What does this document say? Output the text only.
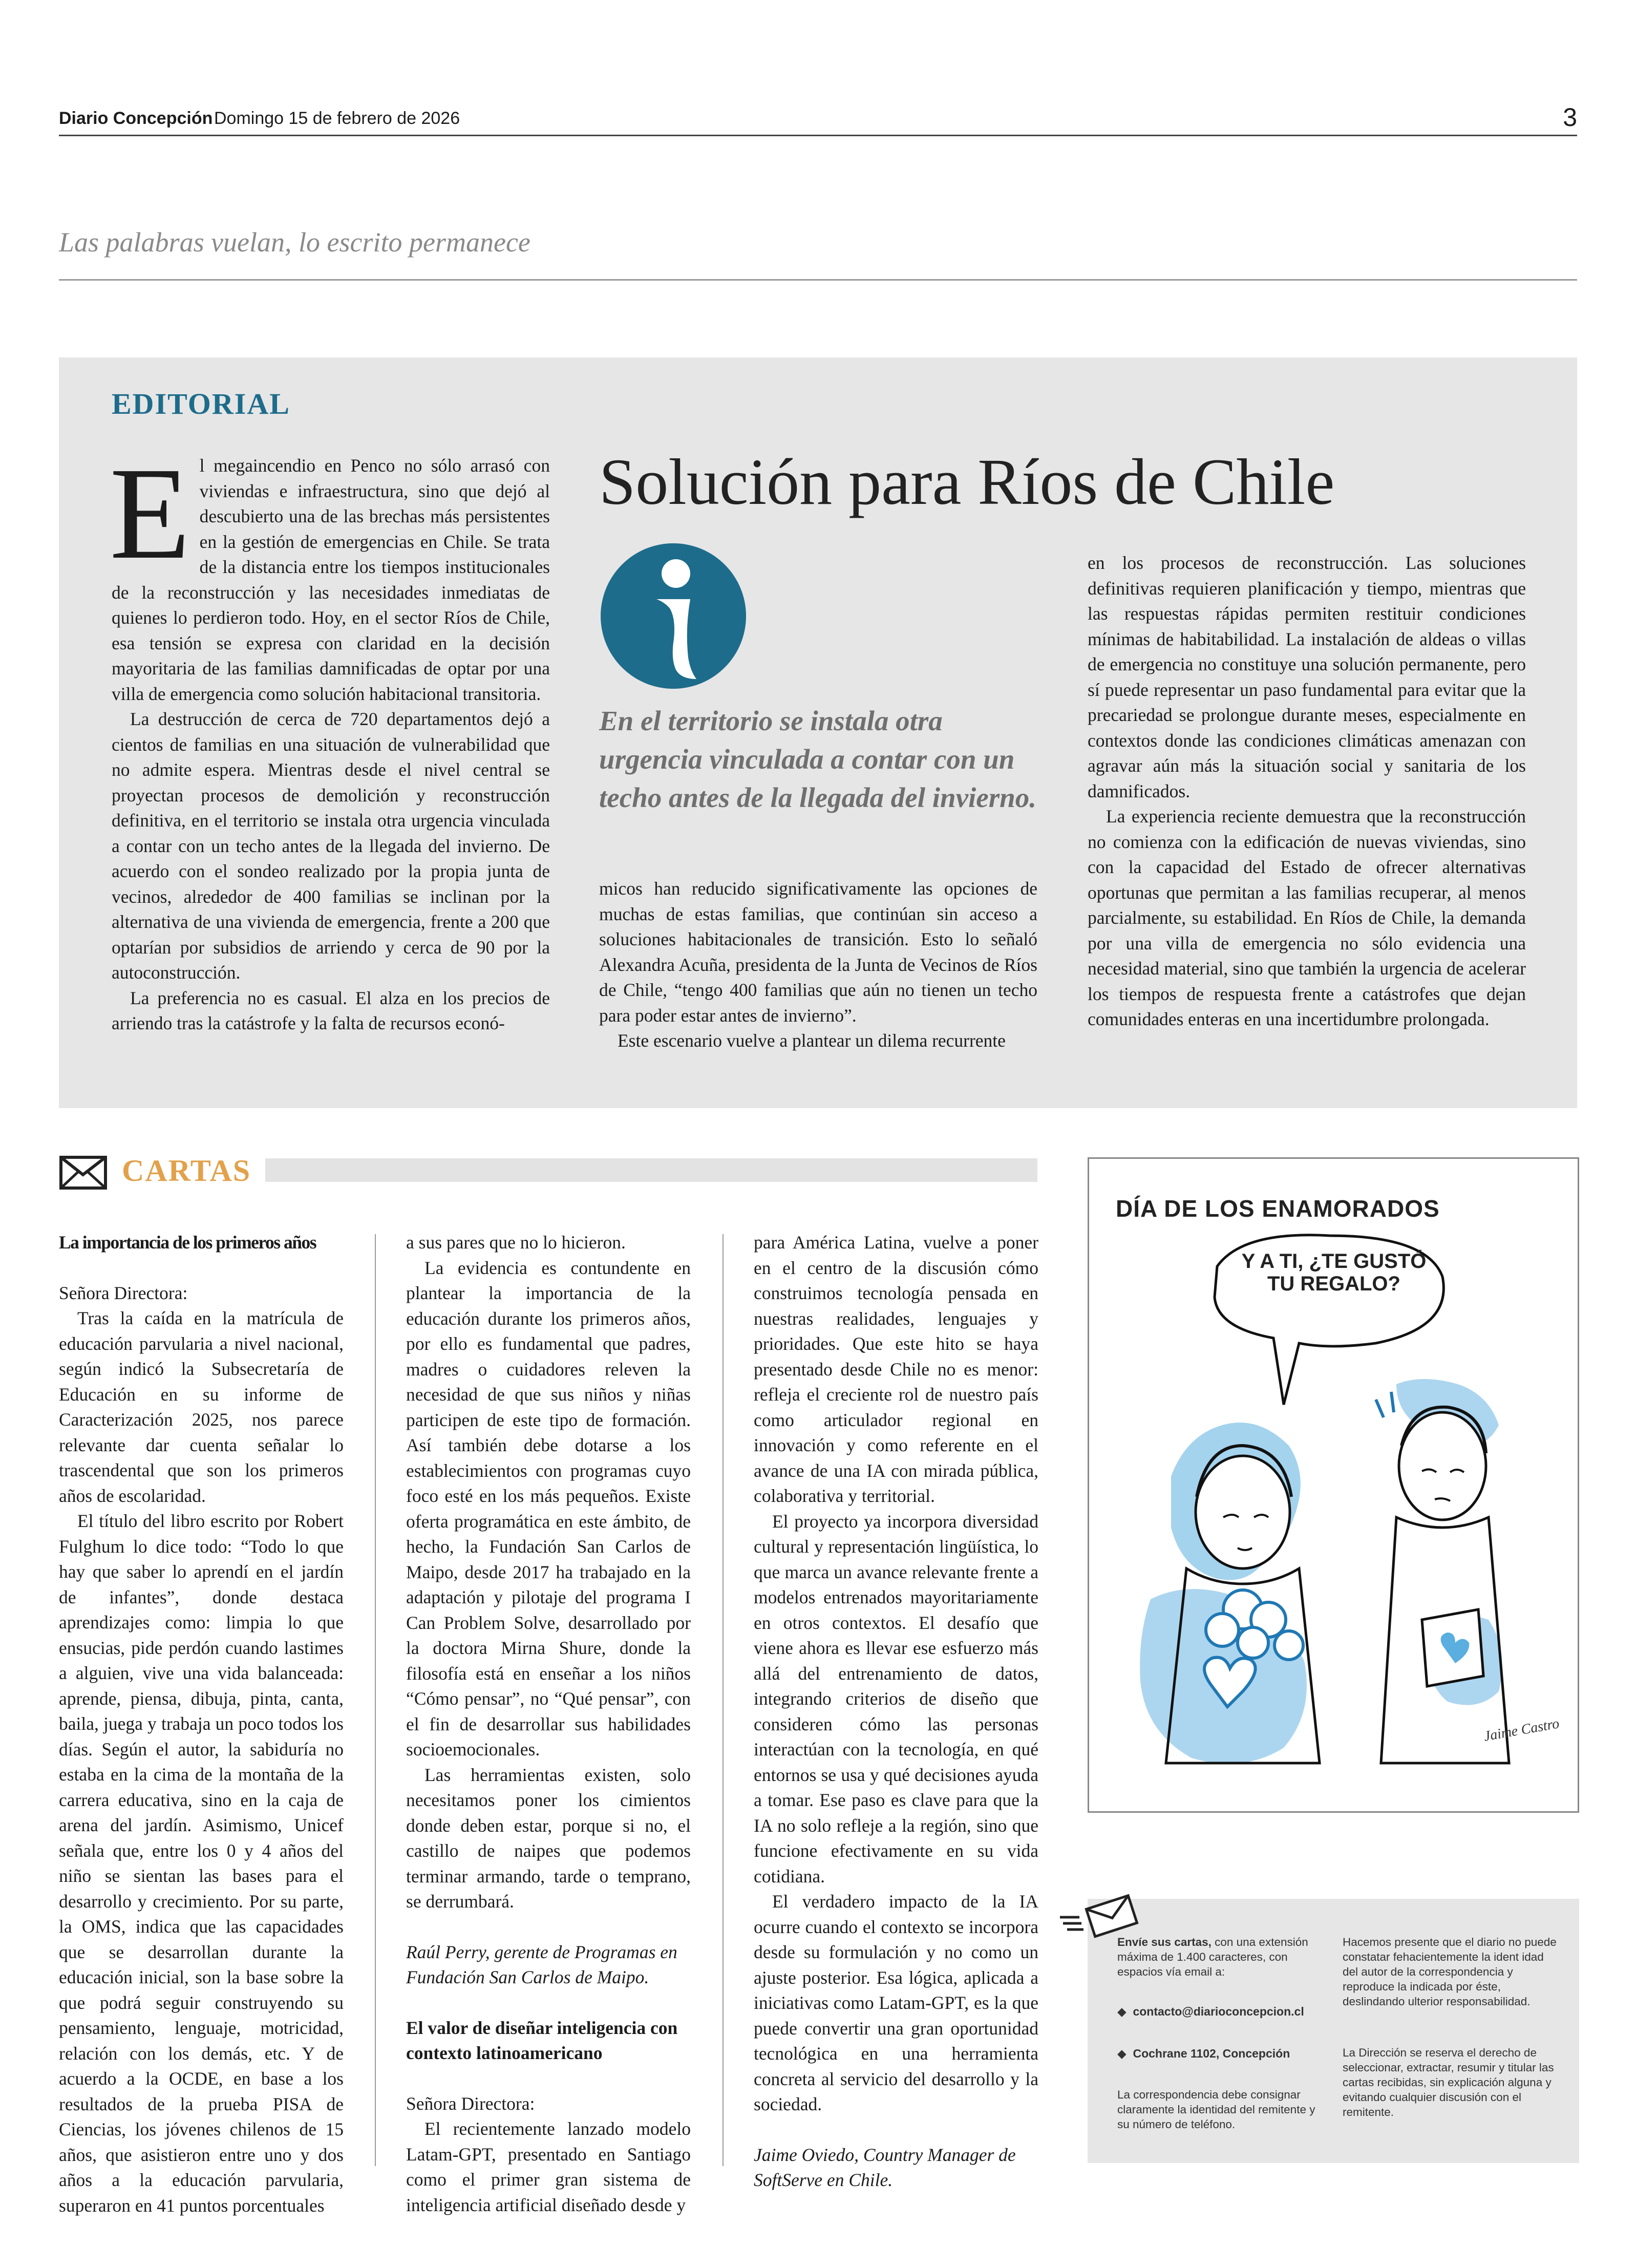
Diario Concepción Domingo 15 de febrero de 2026	3
Las palabras vuelan, lo escrito permanece
EDITORIAL
E l megaincendio en Penco no sólo arrasó con viviendas e infraestructura, sino que dejó al descubierto una de las brechas más persistentes en la gestión de emergencias en Chile. Se trata de la distancia entre los tiempos institucionales de la reconstrucción y las necesidades inmediatas de quienes lo perdieron todo. Hoy, en el sector Ríos de Chile, esa tensión se expresa con claridad en la decisión mayoritaria de las familias damnificadas de optar por una villa de emergencia como solución habitacional transitoria.

La destrucción de cerca de 720 departamentos dejó a cientos de familias en una situación de vulnerabilidad que no admite espera. Mientras desde el nivel central se proyectan procesos de demolición y reconstrucción definitiva, en el territorio se instala otra urgencia vinculada a contar con un techo antes de la llegada del invierno. De acuerdo con el sondeo realizado por la propia junta de vecinos, alrededor de 400 familias se inclinan por la alternativa de una vivienda de emergencia, frente a 200 que optarían por subsidios de arriendo y cerca de 90 por la autoconstrucción.

La preferencia no es casual. El alza en los precios de arriendo tras la catástrofe y la falta de recursos econó-

Solución para Ríos de Chile
En el territorio se instala otra urgencia vinculada a contar con un techo antes de la llegada del invierno.

micos han reducido significativamente las opciones de muchas de estas familias, que continúan sin acceso a soluciones habitacionales de transición. Esto lo señaló Alexandra Acuña, presidenta de la Junta de Vecinos de Ríos de Chile, “tengo 400 familias que aún no tienen un techo para poder estar antes de invierno”.

Este escenario vuelve a plantear un dilema recurrente

en los procesos de reconstrucción. Las soluciones definitivas requieren planificación y tiempo, mientras que las respuestas rápidas permiten restituir condiciones mínimas de habitabilidad. La instalación de aldeas o villas de emergencia no constituye una solución permanente, pero sí puede representar un paso fundamental para evitar que la precariedad se prolongue durante meses, especialmente en contextos donde las condiciones climáticas amenazan con agravar aún más la situación social y sanitaria de los damnificados.

La experiencia reciente demuestra que la reconstrucción no comienza con la edificación de nuevas viviendas, sino con la capacidad del Estado de ofrecer alternativas oportunas que permitan a las familias recuperar, al menos parcialmente, su estabilidad. En Ríos de Chile, la demanda por una villa de emergencia no sólo evidencia una necesidad material, sino que también la urgencia de acelerar los tiempos de respuesta frente a catástrofes que dejan comunidades enteras en una incertidumbre prolongada.

CARTAS

La importancia de los primeros años

Señora Directora:

Tras la caída en la matrícula de educación parvularia a nivel nacional, según indicó la Subsecretaría de Educación en su informe de Caracterización 2025, nos parece relevante dar cuenta señalar lo trascendental que son los primeros años de escolaridad.

El título del libro escrito por Robert Fulghum lo dice todo: “Todo lo que hay que saber lo aprendí en el jardín de infantes”, donde destaca aprendizajes como: limpia lo que ensucias, pide perdón cuando lastimes a alguien, vive una vida balanceada: aprende, piensa, dibuja, pinta, canta, baila, juega y trabaja un poco todos los días. Según el autor, la sabiduría no estaba en la cima de la montaña de la carrera educativa, sino en la caja de arena del jardín. Asimismo, Unicef señala que, entre los 0 y 4 años del niño se sientan las bases para el desarrollo y crecimiento. Por su parte, la OMS, indica que las capacidades que se desarrollan durante la educación inicial, son la base sobre la que podrá seguir construyendo su pensamiento, lenguaje, motricidad, relación con los demás, etc. Y de acuerdo a la OCDE, en base a los resultados de la prueba PISA de Ciencias, los jóvenes chilenos de 15 años, que asistieron entre uno y dos años a la educación parvularia, superaron en 41 puntos porcentuales

a sus pares que no lo hicieron.

La evidencia es contundente en plantear la importancia de la educación durante los primeros años, por ello es fundamental que padres, madres o cuidadores releven la necesidad de que sus niños y niñas participen de este tipo de formación. Así también debe dotarse a los establecimientos con programas cuyo foco esté en los más pequeños. Existe oferta programática en este ámbito, de hecho, la Fundación San Carlos de Maipo, desde 2017 ha trabajado en la adaptación y pilotaje del programa I Can Problem Solve, desarrollado por la doctora Mirna Shure, donde la filosofía está en enseñar a los niños “Cómo pensar”, no “Qué pensar”, con el fin de desarrollar sus habilidades socioemocionales.

Las herramientas existen, solo necesitamos poner los cimientos donde deben estar, porque si no, el castillo de naipes que podemos terminar armando, tarde o temprano, se derrumbará.

Raúl Perry, gerente de Programas en Fundación San Carlos de Maipo.

El valor de diseñar inteligencia con contexto latinoamericano

Señora Directora:

El recientemente lanzado modelo Latam-GPT, presentado en Santiago como el primer gran sistema de inteligencia artificial diseñado desde y

para América Latina, vuelve a poner en el centro de la discusión cómo construimos tecnología pensada en nuestras realidades, lenguajes y prioridades. Que este hito se haya presentado desde Chile no es menor: refleja el creciente rol de nuestro país como articulador regional en innovación y como referente en el avance de una IA con mirada pública, colaborativa y territorial.

El proyecto ya incorpora diversidad cultural y representación lingüística, lo que marca un avance relevante frente a modelos entrenados mayoritariamente en otros contextos. El desafío que viene ahora es llevar ese esfuerzo más allá del entrenamiento de datos, integrando criterios de diseño que consideren cómo las personas interactúan con la tecnología, en qué entornos se usa y qué decisiones ayuda a tomar. Ese paso es clave para que la IA no solo refleje a la región, sino que funcione efectivamente en su vida cotidiana.

El verdadero impacto de la IA ocurre cuando el contexto se incorpora desde su formulación y no como un ajuste posterior. Esa lógica, aplicada a iniciativas como Latam-GPT, es la que puede convertir una gran oportunidad tecnológica en una herramienta concreta al servicio del desarrollo y la sociedad.

Jaime Oviedo, Country Manager de SoftServe en Chile.

DÍA DE LOS ENAMORADOS
Y A TI, ¿TE GUSTÓ TU REGALO?
Jaime Castro
Envíe sus cartas, con una extensión máxima de 1.400 caracteres, con espacios vía email a:
◆  contacto@diarioconcepcion.cl
◆  Cochrane 1102, Concepción
La correspondencia debe consignar claramente la identidad del remitente y su número de teléfono.
Hacemos presente que el diario no puede constatar fehacientemente la ident idad del autor de la correspondencia y reproduce la indicada por éste, deslindando ulterior responsabilidad.
La Dirección se reserva el derecho de seleccionar, extractar, resumir y titular las cartas recibidas, sin explicación alguna y evitando cualquier discusión con el remitente.
